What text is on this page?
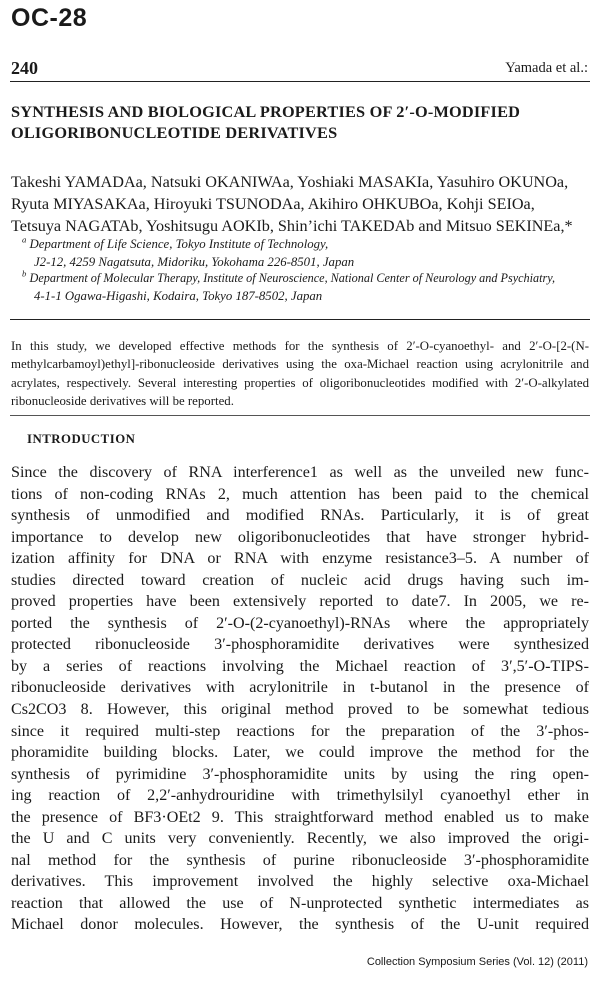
OC-28
240	Yamada et al.:
SYNTHESIS AND BIOLOGICAL PROPERTIES OF 2′-O-MODIFIED
OLIGORIBONUCLEOTIDE DERIVATIVES
Takeshi YAMADAa, Natsuki OKANIWAa, Yoshiaki MASAKIa, Yasuhiro OKUNOa,
Ryuta MIYASAKAa, Hiroyuki TSUNODAa, Akihiro OHKUBOa, Kohji SEIOa,
Tetsuya NAGATAb, Yoshitsugu AOKIb, Shin’ichi TAKEDAb and Mitsuo SEKINEa,*
$^a$ Department of Life Science, Tokyo Institute of Technology,
J2-12, 4259 Nagatsuta, Midoriku, Yokohama 226-8501, Japan
$^b$ Department of Molecular Therapy, Institute of Neuroscience, National Center of Neurology and Psychiatry,
4-1-1 Ogawa-Higashi, Kodaira, Tokyo 187-8502, Japan
In this study, we developed effective methods for the synthesis of 2′-O-cyanoethyl- and 2′-O-[2-(N-methylcarbamoyl)ethyl]-ribonucleoside derivatives using the oxa-Michael reaction using acrylonitrile and acrylates, respectively. Several interesting properties of oligoribonucleotides modified with 2′-O-alkylated ribonucleoside derivatives will be reported.
INTRODUCTION
Since the discovery of RNA interference1 as well as the unveiled new func-
tions of non-coding RNAs 2, much attention has been paid to the chemical
synthesis of unmodified and modified RNAs. Particularly, it is of great
importance to develop new oligoribonucleotides that have stronger hybrid-
ization affinity for DNA or RNA with enzyme resistance3–5. A number of
studies directed toward creation of nucleic acid drugs having such im-
proved properties have been extensively reported to date7. In 2005, we re-
ported the synthesis of 2′-O-(2-cyanoethyl)-RNAs where the appropriately
protected ribonucleoside 3′-phosphoramidite derivatives were synthesized
by a series of reactions involving the Michael reaction of 3′,5′-O-TIPS-
ribonucleoside derivatives with acrylonitrile in t-butanol in the presence of
Cs2CO3 8. However, this original method proved to be somewhat tedious
since it required multi-step reactions for the preparation of the 3′-phos-
phoramidite building blocks. Later, we could improve the method for the
synthesis of pyrimidine 3′-phosphoramidite units by using the ring open-
ing reaction of 2,2′-anhydrouridine with trimethylsilyl cyanoethyl ether in
the presence of BF3·OEt2 9. This straightforward method enabled us to make
the U and C units very conveniently. Recently, we also improved the origi-
nal method for the synthesis of purine ribonucleoside 3′-phosphoramidite
derivatives. This improvement involved the highly selective oxa-Michael
reaction that allowed the use of N-unprotected synthetic intermediates as
Michael donor molecules. However, the synthesis of the U-unit required
Collection Symposium Series (Vol. 12) (2011)
